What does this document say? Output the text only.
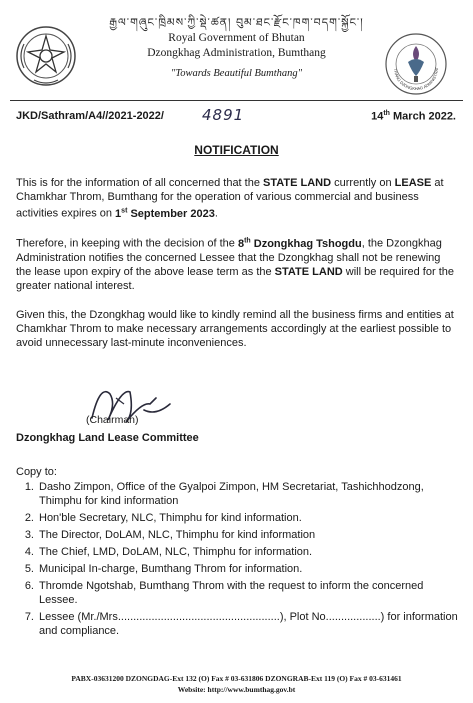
རྒྱལ་གཞུང་ཁྲིམས་ཀྱི་སྡེ་ཚན། བུམ་ཐང་རྫོང་ཁག་བདག་སྐྱོང་།
Royal Government of Bhutan
Dzongkhag Administration, Bumthang
"Towards Beautiful Bumthang"	THANG DZONGKHAG ADMINISTRAT
JKD/Sathram/A4//2021-2022/	4891	14th March 2022.
NOTIFICATION
This is for the information of all concerned that the STATE LAND currently on LEASE at Chamkhar Throm, Bumthang for the operation of various commercial and business activities expires on 1st September 2023.
Therefore, in keeping with the decision of the 8th Dzongkhag Tshogdu, the Dzongkhag Administration notifies the concerned Lessee that the Dzongkhag shall not be renewing the lease upon expiry of the above lease term as the STATE LAND will be required for the greater national interest.
Given this, the Dzongkhag would like to kindly remind all the business firms and entities at Chamkhar Throm to make necessary arrangements accordingly at the earliest possible to avoid unnecessary last-minute inconveniences.
(Chairman)
Dzongkhag Land Lease Committee
Copy to:
1. Dasho Zimpon, Office of the Gyalpoi Zimpon, HM Secretariat, Tashichhodzong, Thimphu for kind information
2. Hon'ble Secretary, NLC, Thimphu for kind information.
3. The Director, DoLAM, NLC, Thimphu for kind information
4. The Chief, LMD, DoLAM, NLC, Thimphu for information.
5. Municipal In-charge, Bumthang Throm for information.
6. Thromde Ngotshab, Bumthang Throm with the request to inform the concerned Lessee.
7. Lessee (Mr./Mrs.....................................................), Plot No..................) for information and compliance.
PABX-03631200 DZONGDAG-Ext 132 (O) Fax # 03-631806 DZONGRAB-Ext 119 (O) Fax # 03-631461
Website: http://www.bumthag.gov.bt
